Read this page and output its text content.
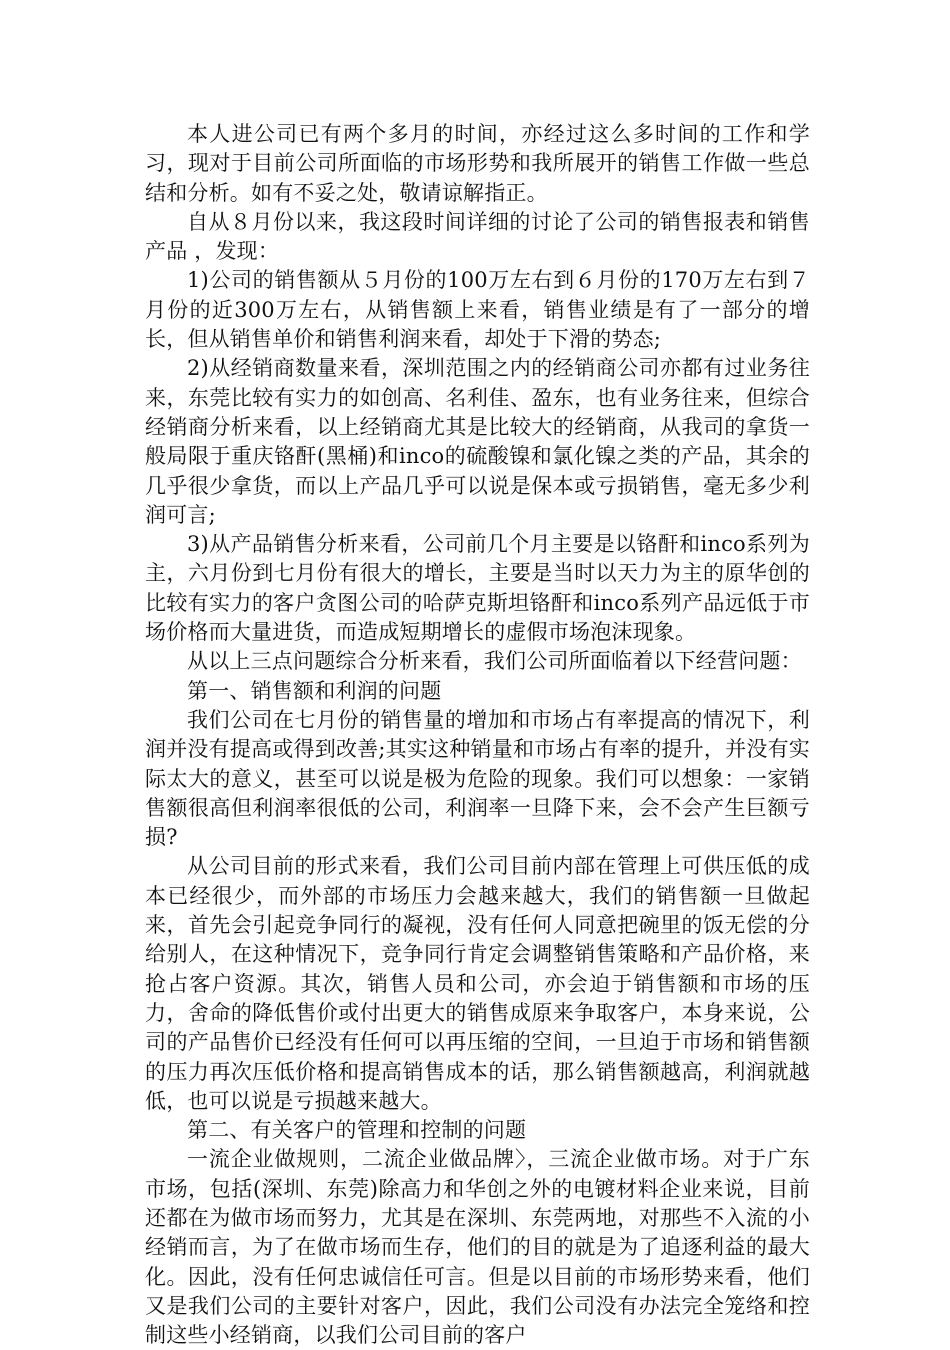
本人进公司已有两个多月的时间，亦经过这么多时间的工作和学习，现对于目前公司所面临的市场形势和我所展开的销售工作做一些总结和分析。如有不妥之处，敬请谅解指正。

自从８月份以来，我这段时间详细的讨论了公司的销售报表和销售产品 ，发现：

1)公司的销售额从５月份的100万左右到６月份的170万左右到７月份的近300万左右，从销售额上来看，销售业绩是有了一部分的增长，但从销售单价和销售利润来看，却处于下滑的势态;

2)从经销商数量来看，深圳范围之内的经销商公司亦都有过业务往来，东莞比较有实力的如创高、名利佳、盈东，也有业务往来，但综合经销商分析来看，以上经销商尤其是比较大的经销商，从我司的拿货一般局限于重庆铬酐(黑桶)和inco的硫酸镍和氯化镍之类的产品，其余的几乎很少拿货，而以上产品几乎可以说是保本或亏损销售，毫无多少利润可言;

3)从产品销售分析来看，公司前几个月主要是以铬酐和inco系列为主，六月份到七月份有很大的增长，主要是当时以天力为主的原华创的比较有实力的客户贪图公司的哈萨克斯坦铬酐和inco系列产品远低于市场价格而大量进货，而造成短期增长的虚假市场泡沫现象。

从以上三点问题综合分析来看，我们公司所面临着以下经营问题：

第一、销售额和利润的问题

我们公司在七月份的销售量的增加和市场占有率提高的情况下，利润并没有提高或得到改善;其实这种销量和市场占有率的提升，并没有实际太大的意义，甚至可以说是极为危险的现象。我们可以想象：一家销售额很高但利润率很低的公司，利润率一旦降下来，会不会产生巨额亏损?

从公司目前的形式来看，我们公司目前内部在管理上可供压低的成本已经很少，而外部的市场压力会越来越大，我们的销售额一旦做起来，首先会引起竞争同行的凝视，没有任何人同意把碗里的饭无偿的分给别人，在这种情况下，竞争同行肯定会调整销售策略和产品价格，来抢占客户资源。其次，销售人员和公司，亦会迫于销售额和市场的压力，舍命的降低售价或付出更大的销售成原来争取客户，本身来说，公司的产品售价已经没有任何可以再压缩的空间，一旦迫于市场和销售额的压力再次压低价格和提高销售成本的话，那么销售额越高，利润就越低，也可以说是亏损越来越大。

第二、有关客户的管理和控制的问题

一流企业做规则，二流企业做品牌〉，三流企业做市场。对于广东市场，包括(深圳、东莞)除高力和华创之外的电镀材料企业来说，目前还都在为做市场而努力，尤其是在深圳、东莞两地，对那些不入流的小经销而言，为了在做市场而生存，他们的目的就是为了追逐利益的最大化。因此，没有任何忠诚信任可言。但是以目前的市场形势来看，他们又是我们公司的主要针对客户，因此，我们公司没有办法完全笼络和控制这些小经销商，以我们公司目前的客户
